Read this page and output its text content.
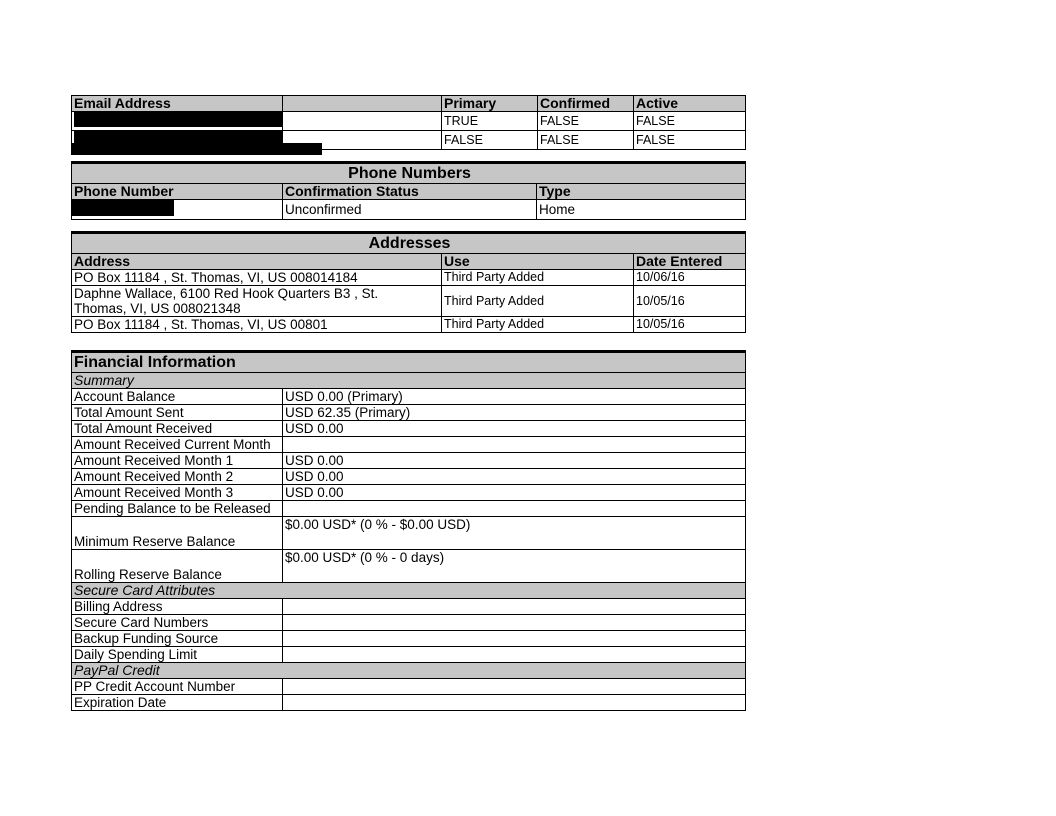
Email Address		Primary	Confirmed	Active
		TRUE	FALSE	FALSE
		FALSE	FALSE	FALSE
Phone Numbers		
Phone Number	Confirmation Status	Type
	Unconfirmed	Home
Addresses		
Address	Use	Date Entered
PO Box 11184 , St. Thomas, VI, US 008014184	Third Party Added	10/06/16
Daphne Wallace, 6100 Red Hook Quarters B3 , St. Thomas, VI, US 008021348	Third Party Added	10/05/16
PO Box 11184 , St. Thomas, VI, US 00801	Third Party Added	10/05/16
Financial Information	
Summary	
Account Balance	USD 0.00 (Primary)
Total Amount Sent	USD 62.35 (Primary)
Total Amount Received	USD 0.00
Amount Received Current Month	
Amount Received Month 1	USD 0.00
Amount Received Month 2	USD 0.00
Amount Received Month 3	USD 0.00
Pending Balance to be Released	
Minimum Reserve Balance	$0.00 USD* (0 % - $0.00 USD)
Rolling Reserve Balance	$0.00 USD* (0 % - 0 days)
Secure Card Attributes	
Billing Address	
Secure Card Numbers	
Backup Funding Source	
Daily Spending Limit	
PayPal Credit	
PP Credit Account Number	
Expiration Date	
